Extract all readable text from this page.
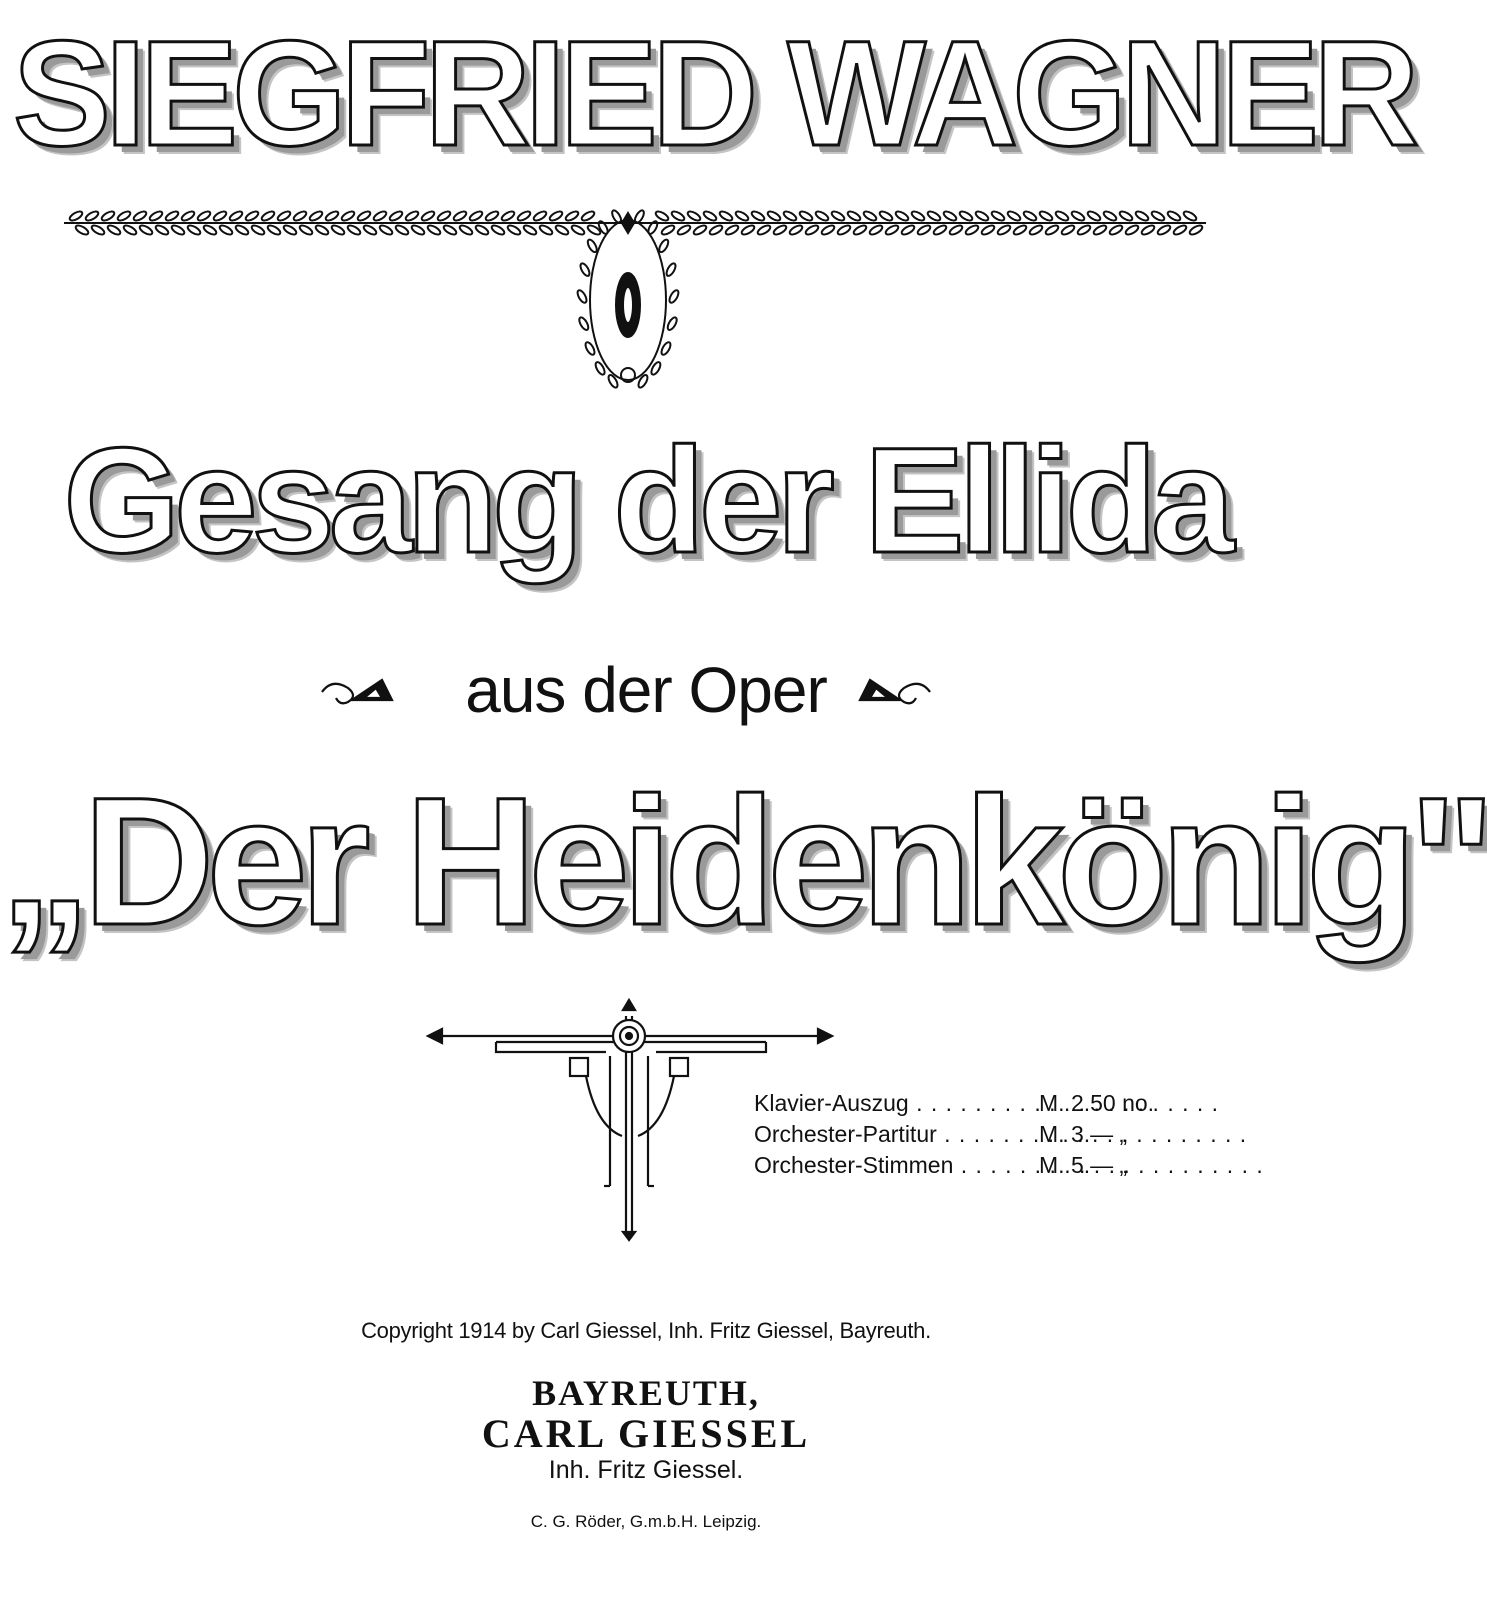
SIEGFRIED WAGNER
Gesang der Ellida
aus der Oper
„Der Heidenkönig"
Klavier-Auszug . . .	M. 2.50 no.
Orchester-Partitur . . .	M. 3.— „
Orchester-Stimmen . . .	M. 5.— „
Copyright 1914 by Carl Giessel, Inh. Fritz Giessel, Bayreuth.
BAYREUTH,
CARL GIESSEL
Inh. Fritz Giessel.
C. G. Röder, G.m.b.H. Leipzig.
